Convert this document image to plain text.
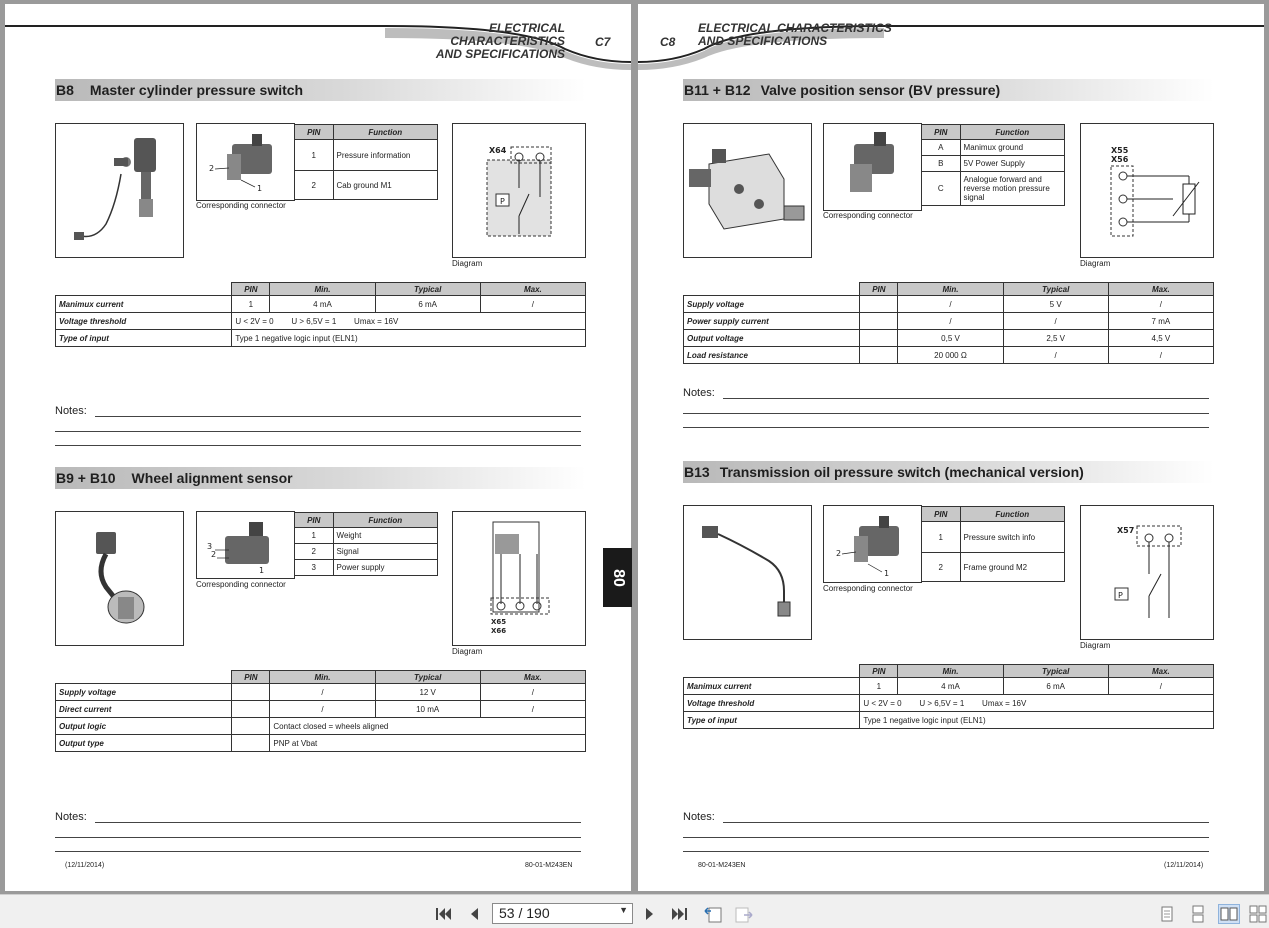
ELECTRICAL CHARACTERISTICS
AND SPECIFICATIONS
C7
B8 Master cylinder pressure switch
2
1
Corresponding connector
PIN	Function
1	Pressure information
2	Cab ground M1
X64
P
Diagram
	PIN	Min.	Typical	Max.
Manimux current	1	4 mA	6 mA	/
Voltage threshold	U < 2V = 0        U > 6,5V = 1        Umax = 16V			
Type of input	Type 1 negative logic input (ELN1)			
Notes:
B9 + B10 Wheel alignment sensor
3
2
1
Corresponding connector
PIN	Function
1	Weight
2	Signal
3	Power supply
X65
X66
Diagram
	PIN	Min.	Typical	Max.
Supply voltage		/	12 V	/
Direct current		/	10 mA	/
Output logic		Contact closed = wheels aligned		
Output type		PNP at Vbat		
Notes:
(12/11/2014)	80-01-M243EN
80
C8
ELECTRICAL CHARACTERISTICS
AND SPECIFICATIONS
B11 + B12 Valve position sensor (BV pressure)
Corresponding connector
PIN	Function
A	Manimux ground
B	5V Power Supply
C	Analogue forward and reverse motion pressure signal
X55
X56
Diagram
	PIN	Min.	Typical	Max.
Supply voltage		/	5 V	/
Power supply current		/	/	7 mA
Output voltage		0,5 V	2,5 V	4,5 V
Load resistance		20 000 Ω	/	/
Notes:
B13 Transmission oil pressure switch (mechanical version)
2
1
Corresponding connector
PIN	Function
1	Pressure switch info
2	Frame ground M2
X57
P
Diagram
	PIN	Min.	Typical	Max.
Manimux current	1	4 mA	6 mA	/
Voltage threshold	U < 2V = 0        U > 6,5V = 1        Umax = 16V			
Type of input	Type 1 negative logic input (ELN1)			
Notes:
80-01-M243EN	(12/11/2014)
53 / 190	▼
